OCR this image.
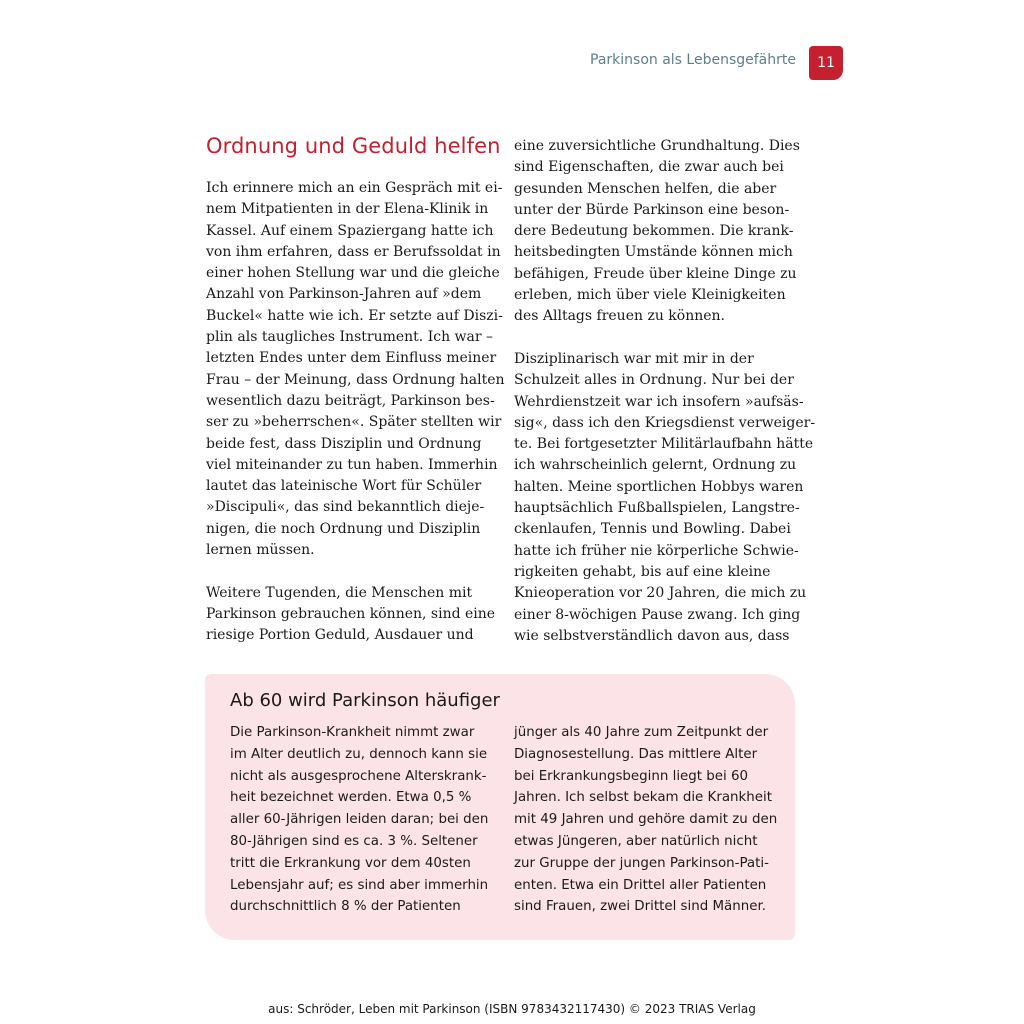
Parkinson als Lebensgefährte	11
Ordnung und Geduld helfen
Ich erinnere mich an ein Gespräch mit ei-
nem Mitpatienten in der Elena-Klinik in
Kassel. Auf einem Spaziergang hatte ich
von ihm erfahren, dass er Berufssoldat in
einer hohen Stellung war und die gleiche
Anzahl von Parkinson-Jahren auf »dem
Buckel« hatte wie ich. Er setzte auf Diszi-
plin als taugliches Instrument. Ich war –
letzten Endes unter dem Einfluss meiner
Frau – der Meinung, dass Ordnung halten
wesentlich dazu beiträgt, Parkinson bes-
ser zu »beherrschen«. Später stellten wir
beide fest, dass Disziplin und Ordnung
viel miteinander zu tun haben. Immerhin
lautet das lateinische Wort für Schüler
»Discipuli«, das sind bekanntlich dieje-
nigen, die noch Ordnung und Disziplin
lernen müssen.
Weitere Tugenden, die Menschen mit
Parkinson gebrauchen können, sind eine
riesige Portion Geduld, Ausdauer und
eine zuversichtliche Grundhaltung. Dies
sind Eigenschaften, die zwar auch bei
gesunden Menschen helfen, die aber
unter der Bürde Parkinson eine beson-
dere Bedeutung bekommen. Die krank-
heitsbedingten Umstände können mich
befähigen, Freude über kleine Dinge zu
erleben, mich über viele Kleinigkeiten
des Alltags freuen zu können.
Disziplinarisch war mit mir in der
Schulzeit alles in Ordnung. Nur bei der
Wehrdienstzeit war ich insofern »aufsäs-
sig«, dass ich den Kriegsdienst verweiger-
te. Bei fortgesetzter Militärlaufbahn hätte
ich wahrscheinlich gelernt, Ordnung zu
halten. Meine sportlichen Hobbys waren
hauptsächlich Fußballspielen, Langstre-
ckenlaufen, Tennis und Bowling. Dabei
hatte ich früher nie körperliche Schwie-
rigkeiten gehabt, bis auf eine kleine
Knieoperation vor 20 Jahren, die mich zu
einer 8-wöchigen Pause zwang. Ich ging
wie selbstverständlich davon aus, dass
Ab 60 wird Parkinson häufiger
Die Parkinson-Krankheit nimmt zwar
im Alter deutlich zu, dennoch kann sie
nicht als ausgesprochene Alterskrank-
heit bezeichnet werden. Etwa 0,5 %
aller 60-Jährigen leiden daran; bei den
80-Jährigen sind es ca. 3 %. Seltener
tritt die Erkrankung vor dem 40sten
Lebensjahr auf; es sind aber immerhin
durchschnittlich 8 % der Patienten
jünger als 40 Jahre zum Zeitpunkt der
Diagnosestellung. Das mittlere Alter
bei Erkrankungsbeginn liegt bei 60
Jahren. Ich selbst bekam die Krankheit
mit 49 Jahren und gehöre damit zu den
etwas Jüngeren, aber natürlich nicht
zur Gruppe der jungen Parkinson-Pati-
enten. Etwa ein Drittel aller Patienten
sind Frauen, zwei Drittel sind Männer.
aus: Schröder, Leben mit Parkinson (ISBN 9783432117430) © 2023 TRIAS Verlag
